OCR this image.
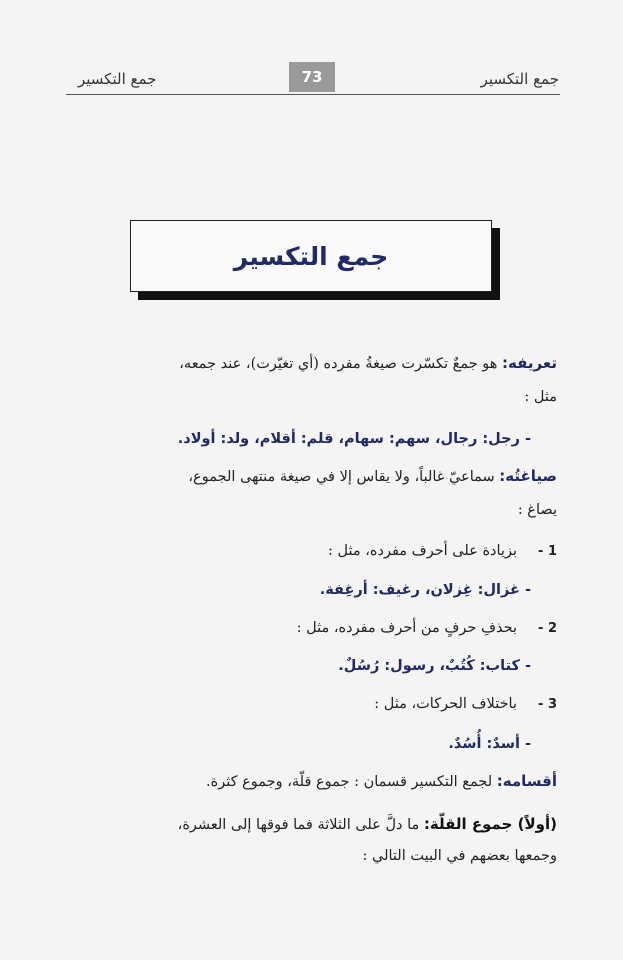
جمع التكسير
73
جمع التكسير
جمع التكسير
تعريفه: هو جمعٌ تكسّرت صيغةُ مفرده (أي تغيّرت)، عند جمعه،
مثل :
- رجل: رجال، سهم: سهام، قلم: أقلام، ولد: أولاد.
صياغتُه: سماعيّ غالباً، ولا يقاس إلا في صيغة منتهى الجموع،
يصاغ :
1 -بزيادة على أحرف مفرده، مثل :
- غزال: غِزلان، رغيف: أرغِفة.
2 -بحذفِ حرفٍ من أحرف مفرده، مثل :
- كتاب: كُتُبٌ، رسول: رُسُلٌ.
3 -باختلاف الحركات، مثل :
- أسدٌ: أُسُدٌ.
أقسامه: لجمع التكسير قسمان : جموع قلّة، وجموع كثرة.
(أولاً) جموع القلّة: ما دلَّ على الثلاثة فما فوقها إلى العشرة،
وجمعها بعضهم في البيت التالي :
